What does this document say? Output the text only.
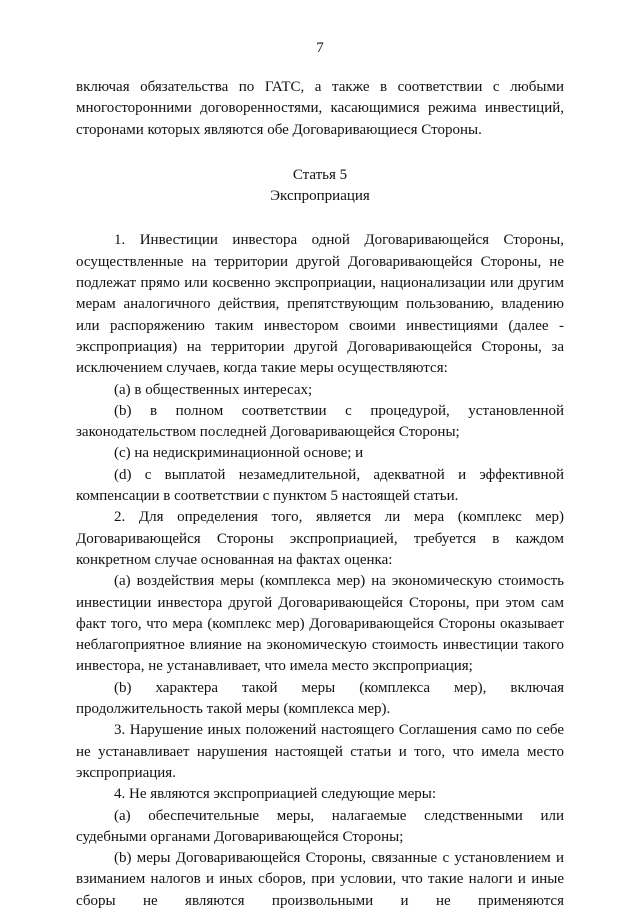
7

включая обязательства по ГАТС, а также в соответствии с любыми многосторонними договоренностями, касающимися режима инвестиций, сторонами которых являются обе Договаривающиеся Стороны.

Статья 5

Экспроприация

1. Инвестиции инвестора одной Договаривающейся Стороны, осуществленные на территории другой Договаривающейся Стороны, не подлежат прямо или косвенно экспроприации, национализации или другим мерам аналогичного действия, препятствующим пользованию, владению или распоряжению таким инвестором своими инвестициями (далее - экспроприация) на территории другой Договаривающейся Стороны, за исключением случаев, когда такие меры осуществляются:

(a) в общественных интересах;

(b) в полном соответствии с процедурой, установленной законодательством последней Договаривающейся Стороны;

(c) на недискриминационной основе; и

(d) с выплатой незамедлительной, адекватной и эффективной компенсации в соответствии с пунктом 5 настоящей статьи.

2. Для определения того, является ли мера (комплекс мер) Договаривающейся Стороны экспроприацией, требуется в каждом конкретном случае основанная на фактах оценка:

(a) воздействия меры (комплекса мер) на экономическую стоимость инвестиции инвестора другой Договаривающейся Стороны, при этом сам факт того, что мера (комплекс мер) Договаривающейся Стороны оказывает неблагоприятное влияние на экономическую стоимость инвестиции такого инвестора, не устанавливает, что имела место экспроприация;

(b) характера такой меры (комплекса мер), включая продолжительность такой меры (комплекса мер).

3. Нарушение иных положений настоящего Соглашения само по себе не устанавливает нарушения настоящей статьи и того, что имела место экспроприация.

4. Не являются экспроприацией следующие меры:

(a) обеспечительные меры, налагаемые следственными или судебными органами Договаривающейся Стороны;

(b) меры Договаривающейся Стороны, связанные с установлением и взиманием налогов и иных сборов, при условии, что такие налоги и иные сборы не являются произвольными и не применяются
